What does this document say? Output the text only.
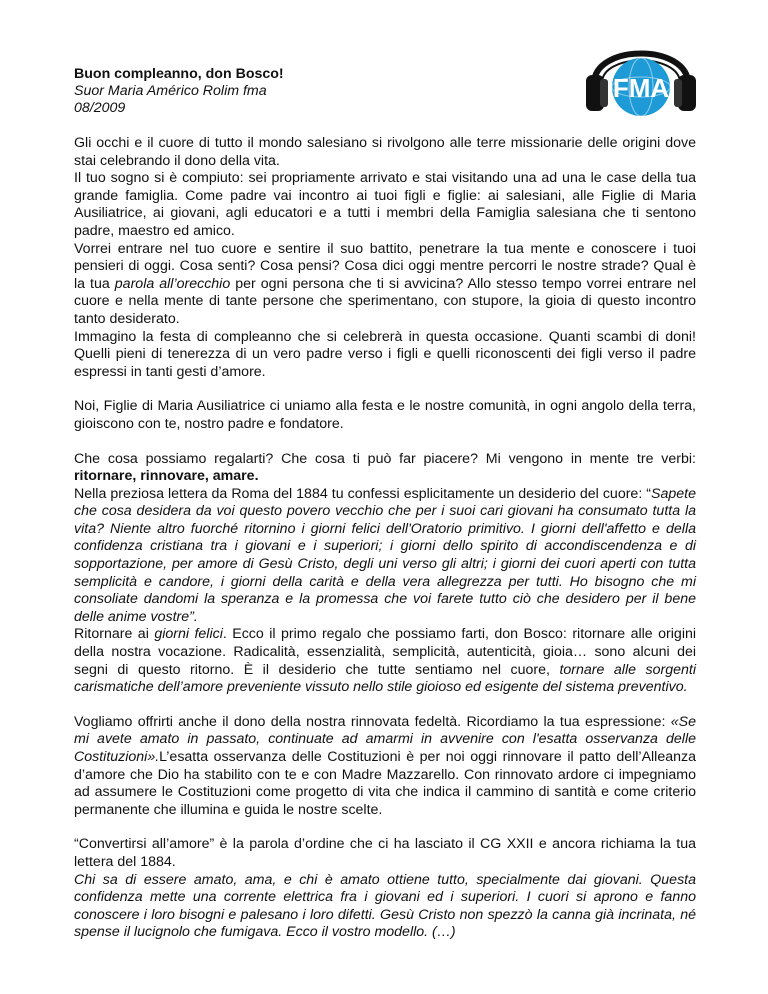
FMA
Buon compleanno, don Bosco!
Suor Maria Américo Rolim fma
08/2009

Gli occhi e il cuore di tutto il mondo salesiano si rivolgono alle terre missionarie delle origini dove stai celebrando il dono della vita.

Il tuo sogno si è compiuto: sei propriamente arrivato e stai visitando una ad una le case della tua grande famiglia. Come padre vai incontro ai tuoi figli e figlie: ai salesiani, alle Figlie di Maria Ausiliatrice, ai giovani, agli educatori e a tutti i membri della Famiglia salesiana che ti sentono padre, maestro ed amico.

Vorrei entrare nel tuo cuore e sentire il suo battito, penetrare la tua mente e conoscere i tuoi pensieri di oggi. Cosa senti? Cosa pensi? Cosa dici oggi mentre percorri le nostre strade? Qual è la tua parola all’orecchio per ogni persona che ti si avvicina? Allo stesso tempo vorrei entrare nel cuore e nella mente di tante persone che sperimentano, con stupore, la gioia di questo incontro tanto desiderato.

Immagino la festa di compleanno che si celebrerà in questa occasione. Quanti scambi di doni! Quelli pieni di tenerezza di un vero padre verso i figli e quelli riconoscenti dei figli verso il padre espressi in tanti gesti d’amore.

Noi, Figlie di Maria Ausiliatrice ci uniamo alla festa e le nostre comunità, in ogni angolo della terra, gioiscono con te, nostro padre e fondatore.

Che cosa possiamo regalarti? Che cosa ti può far piacere? Mi vengono in mente tre verbi: ritornare, rinnovare, amare.

Nella preziosa lettera da Roma del 1884 tu confessi esplicitamente un desiderio del cuore: “Sapete che cosa desidera da voi questo povero vecchio che per i suoi cari giovani ha consumato tutta la vita? Niente altro fuorché ritornino i giorni felici dell'Oratorio primitivo. I giorni dell'affetto e della confidenza cristiana tra i giovani e i superiori; i giorni dello spirito di accondiscendenza e di sopportazione, per amore di Gesù Cristo, degli uni verso gli altri; i giorni dei cuori aperti con tutta semplicità e candore, i giorni della carità e della vera allegrezza per tutti. Ho bisogno che mi consoliate dandomi la speranza e la promessa che voi farete tutto ciò che desidero per il bene delle anime vostre”.

Ritornare ai giorni felici. Ecco il primo regalo che possiamo farti, don Bosco: ritornare alle origini della nostra vocazione. Radicalità, essenzialità, semplicità, autenticità, gioia… sono alcuni dei segni di questo ritorno. È il desiderio che tutte sentiamo nel cuore, tornare alle sorgenti carismatiche dell’amore preveniente vissuto nello stile gioioso ed esigente del sistema preventivo.

Vogliamo offrirti anche il dono della nostra rinnovata fedeltà. Ricordiamo la tua espressione: «Se mi avete amato in passato, continuate ad amarmi in avvenire con l'esatta osservanza delle Costituzioni».L’esatta osservanza delle Costituzioni è per noi oggi rinnovare il patto dell’Alleanza d’amore che Dio ha stabilito con te e con Madre Mazzarello. Con rinnovato ardore ci impegniamo ad assumere le Costituzioni come progetto di vita che indica il cammino di santità e come criterio permanente che illumina e guida le nostre scelte.

“Convertirsi all’amore” è la parola d’ordine che ci ha lasciato il CG XXII e ancora richiama la tua lettera del 1884.

Chi sa di essere amato, ama, e chi è amato ottiene tutto, specialmente dai giovani. Questa confidenza mette una corrente elettrica fra i giovani ed i superiori. I cuori si aprono e fanno conoscere i loro bisogni e palesano i loro difetti. Gesù Cristo non spezzò la canna già incrinata, né spense il lucignolo che fumigava. Ecco il vostro modello. (…)
